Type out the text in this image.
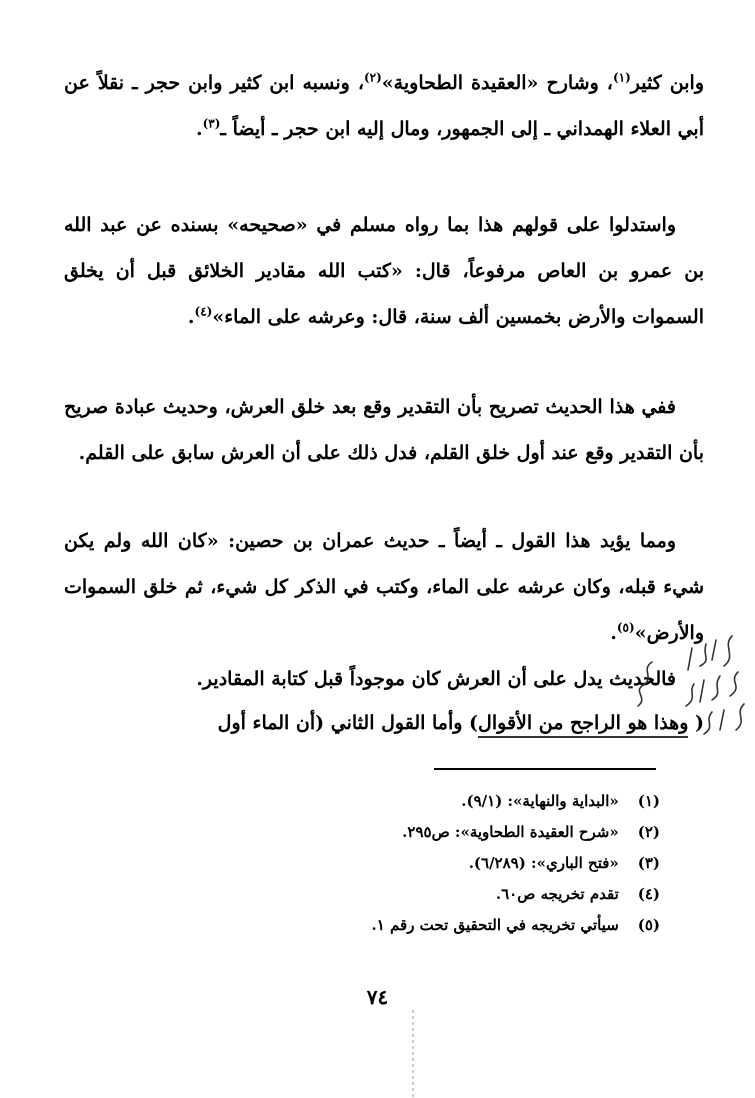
وابن كثير$^{(١)}$، وشارح «العقيدة الطحاوية»$^{(٢)}$، ونسبه ابن كثير وابن حجر ـ نقلاً عن أبي العلاء الهمداني ـ إلى الجمهور، ومال إليه ابن حجر ـ أيضاً ـ$^{(٣)}$.
واستدلوا على قولهم هذا بما رواه مسلم في «صحيحه» بسنده عن عبد الله بن عمرو بن العاص مرفوعاً، قال: «كتب الله مقادير الخلائق قبل أن يخلق السموات والأرض بخمسين ألف سنة، قال: وعرشه على الماء»$^{(٤)}$.
ففي هذا الحديث تصريح بأن التقدير وقع بعد خلق العرش، وحديث عبادة صريح بأن التقدير وقع عند أول خلق القلم، فدل ذلك على أن العرش سابق على القلم.
ومما يؤيد هذا القول ـ أيضاً ـ حديث عمران بن حصين: «كان الله ولم يكن شيء قبله، وكان عرشه على الماء، وكتب في الذكر كل شيء، ثم خلق السموات والأرض»$^{(٥)}$.
فالحديث يدل على أن العرش كان موجوداً قبل كتابة المقادير.
( وهذا هو الراجح من الأقوال) وأما القول الثاني (أن الماء أول
(١) «البداية والنهاية»: (٩/١).
(٢) «شرح العقيدة الطحاوية»: ص٢٩٥.
(٣) «فتح الباري»: (٦/٢٨٩).
(٤) تقدم تخريجه ص٦٠.
(٥) سيأتي تخريجه في التحقيق تحت رقم ١.
٧٤
